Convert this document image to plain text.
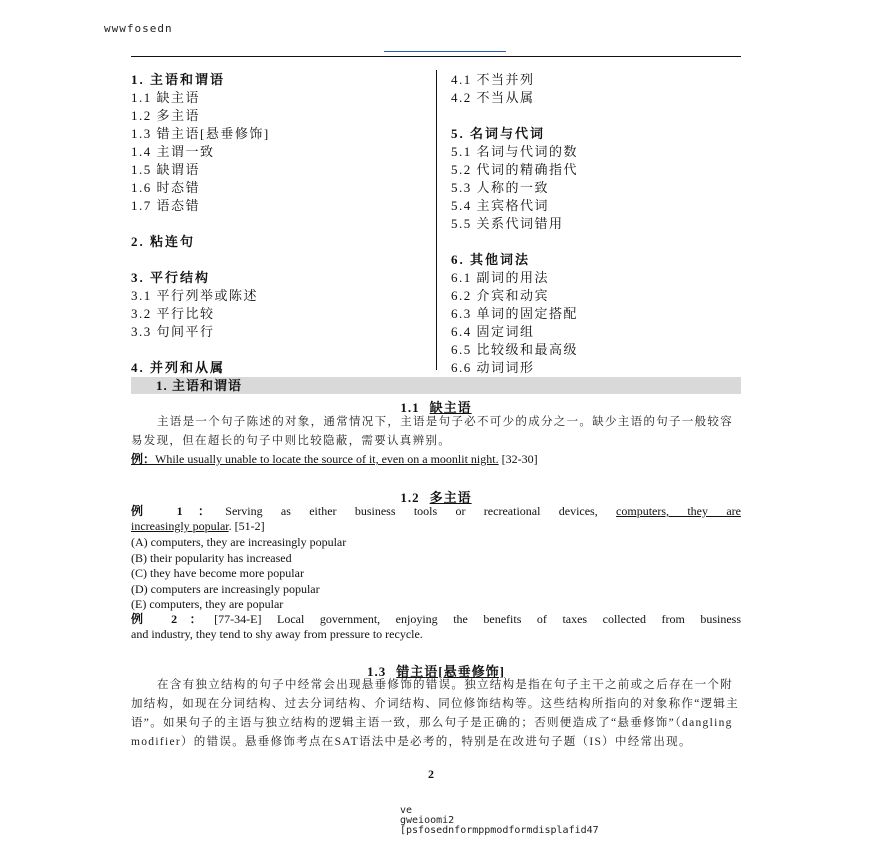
wwwfosedn
1. 主语和谓语
1.1 缺主语
1.2 多主语
1.3 错主语[悬垂修饰]
1.4 主谓一致
1.5 缺谓语
1.6 时态错
1.7 语态错
2. 粘连句
3. 平行结构
3.1 平行列举或陈述
3.2 平行比较
3.3 句间平行
4. 并列和从属
4.1 不当并列
4.2 不当从属
5. 名词与代词
5.1 名词与代词的数
5.2 代词的精确指代
5.3 人称的一致
5.4 主宾格代词
5.5 关系代词错用
6. 其他词法
6.1 副词的用法
6.2 介宾和动宾
6.3 单词的固定搭配
6.4 固定词组
6.5 比较级和最高级
6.6 动词词形
1. 主语和谓语
1.1 缺主语
主语是一个句子陈述的对象，通常情况下，主语是句子必不可少的成分之一。缺少主语的句子一般较容易发现，但在超长的句子中则比较隐蔽，需要认真辨别。
例：While usually unable to locate the source of it, even on a moonlit night. [32-30]
1.2 多主语
例 1：Serving as either business tools or recreational devices, computers, they are
increasingly popular. [51-2]
(A) computers, they are increasingly popular
(B) their popularity has increased
(C) they have become more popular
(D) computers are increasingly popular
(E) computers, they are popular
例 2：[77-34-E] Local government, enjoying the benefits of taxes collected from business
and industry, they tend to shy away from pressure to recycle.
1.3 错主语[悬垂修饰]
在含有独立结构的句子中经常会出现悬垂修饰的错误。独立结构是指在句子主干之前或之后存在一个附加结构，如现在分词结构、过去分词结构、介词结构、同位修饰结构等。这些结构所指向的对象称作“逻辑主语”。如果句子的主语与独立结构的逻辑主语一致，那么句子是正确的；否则便造成了“悬垂修饰”（dangling modifier）的错误。悬垂修饰考点在SAT语法中是必考的，特别是在改进句子题（IS）中经常出现。
2
ve
gweioomi2
[psfosednformppmodformdisplafid47
